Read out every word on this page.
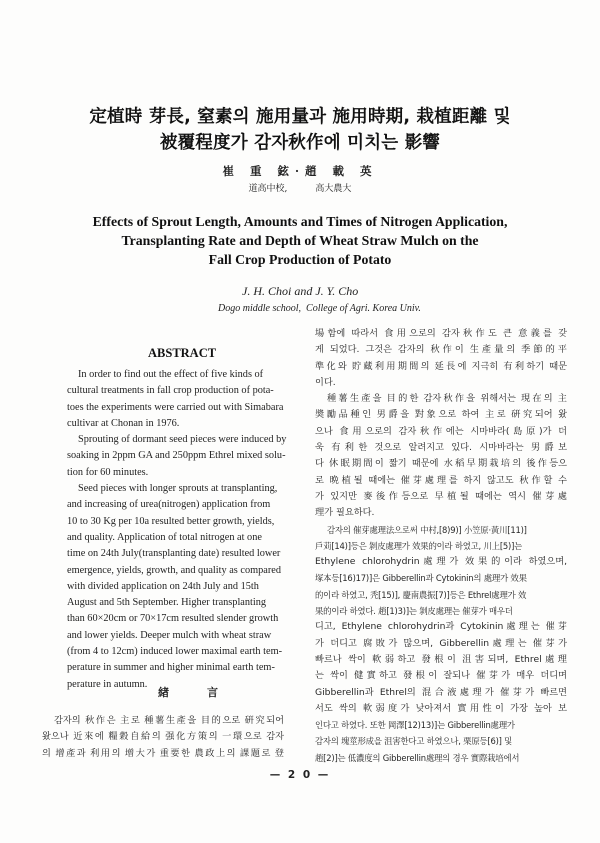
定植時 芽長, 窒素의 施用量과 施用時期, 栽植距離 및
被覆程度가 감자秋作에 미치는 影響
崔 重 鉉·趙 載 英
道高中校,	高大農大
Effects of Sprout Length, Amounts and Times of Nitrogen Application,
Transplanting Rate and Depth of Wheat Straw Mulch on the
Fall Crop Production of Potato
J. H. Choi and J. Y. Cho
Dogo middle school,  College of Agri. Korea Univ.
ABSTRACT
In order to find out the effect of five kinds of
cultural treatments in fall crop production of pota-
toes the experiments were carried out with Simabara
cultivar at Chonan in 1976.
Sprouting of dormant seed pieces were induced by
soaking in 2ppm GA and 250ppm Ethrel mixed solu-
tion for 60 minutes.
Seed pieces with longer sprouts at transplanting,
and increasing of urea(nitrogen) application from
10 to 30 Kg per 10a resulted better growth, yields,
and quality. Application of total nitrogen at one
time on 24th July(transplanting date) resulted lower
emergence, yields, growth, and quality as compared
with divided application on 24th July and 15th
August and 5th September. Higher transplanting
than 60×20cm or 70×17cm resulted slender growth
and lower yields. Deeper mulch with wheat straw
(from 4 to 12cm) induced lower maximal earth tem-
perature in summer and higher minimal earth tem-
perature in autumn.
緖	言
감자의 秋作은 主로 種薯生產을 目的으로 硏究되어
왔으나 近來에 糧穀自給의 强化方策의 一環으로 감자
의 增產과 利用의 增大가 重要한 農政上의 課題로 登
場함에 따라서 食用으로의 감자秋作도 큰 意義를 갖
게 되었다. 그것은 감자의 秋作이 生產量의 季節的平
準化와 貯藏利用期間의 延長에 지극히 有利하기 때문
이다.
種薯生產을 目的한 감자秋作을 위해서는 現在의 主
奬勵品種인 男爵을 對象으로 하여 主로 硏究되어 왔
으나 食用으로의 감자秋作에는 시마바라(島原)가 더
욱 有利한 것으로 알려지고 있다. 시마바라는 男爵보
다 休眠期間이 짧기 때문에 水稻早期栽培의 後作등으
로 晩植될 때에는 催芽處理를 하지 않고도 秋作할 수
가 있지만 麥後作등으로 早植될 때에는 역시 催芽處
理가 필요하다.
감자의 催芽處理法으로써 中村,[8)9)] 小笠原·黃川[11)]
戶苅[14)]등은 剝皮處理가 效果的이라 하였고, 川上[5)]는
Ethylene chlorohydrin處理가 效果的이라 하였으며,
塚本등[16)17)]은 Gibberellin과 Cytokinin의 處理가 效果
的이라 하였고, 秃[15)], 慶南農振[7)]등은 Ethrel處理가 效
果的이라 하였다. 趙[1)3)]는 剝皮處理는 催芽가 매우더
디고, Ethylene chlorohydrin과 Cytokinin處理는 催芽
가 더디고 腐敗가 많으며, Gibberellin處理는 催芽가
빠르나 싹이 軟弱하고 發根이 沮害되며, Ethrel處理
는 싹이 健實하고 發根이 잘되나 催芽가 매우 더디며
Gibberellin과 Ethrel의 混合液處理가 催芽가 빠르면
서도 싹의 軟弱度가 낮아져서 實用性이 가장 높아 보
인다고 하였다. 또한 岡澤[12)13)]는 Gibberellin處理가
감자의 塊莖形成을 沮害한다고 하였으나, 栗原등[6)] 및
趙[2)]는 低濃度의 Gibberellin處理의 경우 實際栽培에서
— 2 0 —
